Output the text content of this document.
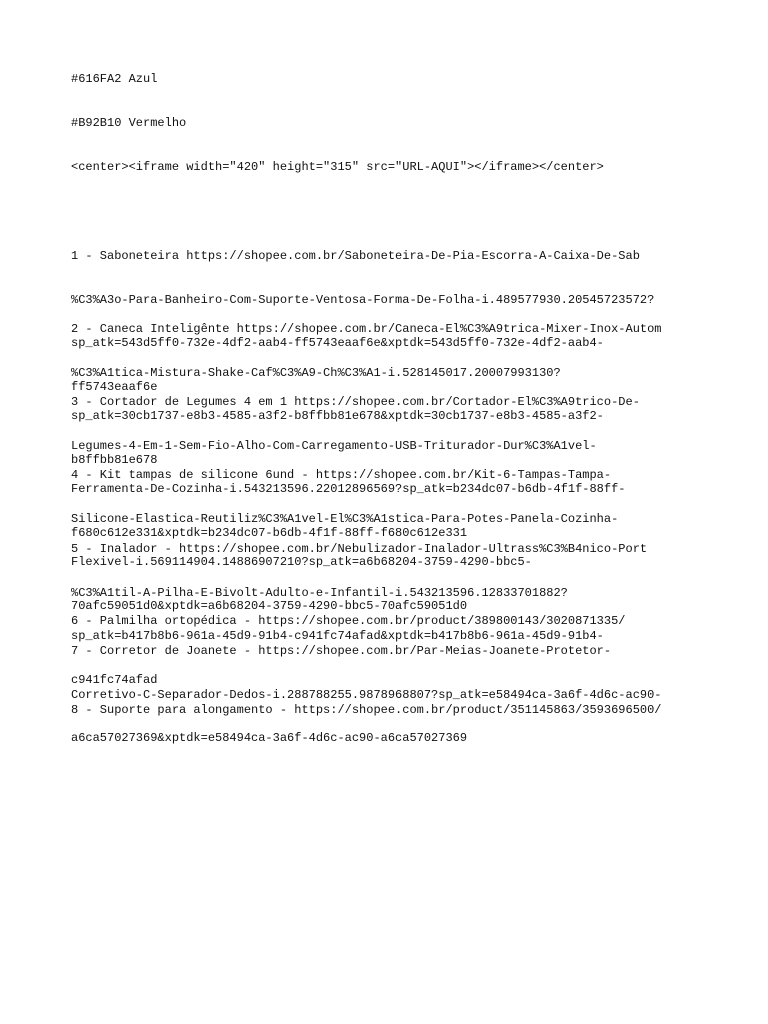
#616FA2 Azul
#B92B10 Vermelho
<center><iframe width="420" height="315" src="URL-AQUI"></iframe></center>

1 - Saboneteira https://shopee.com.br/Saboneteira-De-Pia-Escorra-A-Caixa-De-Sab

%C3%A3o-Para-Banheiro-Com-Suporte-Ventosa-Forma-De-Folha-i.489577930.20545723572?

sp_atk=543d5ff0-732e-4df2-aab4-ff5743eaaf6e&xptdk=543d5ff0-732e-4df2-aab4-

ff5743eaaf6e

2 - Caneca Inteligênte https://shopee.com.br/Caneca-El%C3%A9trica-Mixer-Inox-Autom

%C3%A1tica-Mistura-Shake-Caf%C3%A9-Ch%C3%A1-i.528145017.20007993130?

sp_atk=30cb1737-e8b3-4585-a3f2-b8ffbb81e678&xptdk=30cb1737-e8b3-4585-a3f2-

b8ffbb81e678

3 - Cortador de Legumes 4 em 1 https://shopee.com.br/Cortador-El%C3%A9trico-De-

Legumes-4-Em-1-Sem-Fio-Alho-Com-Carregamento-USB-Triturador-Dur%C3%A1vel-

Ferramenta-De-Cozinha-i.543213596.22012896569?sp_atk=b234dc07-b6db-4f1f-88ff-

f680c612e331&xptdk=b234dc07-b6db-4f1f-88ff-f680c612e331

4 - Kit tampas de silicone 6und - https://shopee.com.br/Kit-6-Tampas-Tampa-

Silicone-Elastica-Reutiliz%C3%A1vel-El%C3%A1stica-Para-Potes-Panela-Cozinha-

Flexivel-i.569114904.14886907210?sp_atk=a6b68204-3759-4290-bbc5-

70afc59051d0&xptdk=a6b68204-3759-4290-bbc5-70afc59051d0

5 - Inalador - https://shopee.com.br/Nebulizador-Inalador-Ultrass%C3%B4nico-Port

%C3%A1til-A-Pilha-E-Bivolt-Adulto-e-Infantil-i.543213596.12833701882?

sp_atk=b417b8b6-961a-45d9-91b4-c941fc74afad&xptdk=b417b8b6-961a-45d9-91b4-

c941fc74afad

6 - Palmilha ortopédica - https://shopee.com.br/product/389800143/3020871335/

7 - Corretor de Joanete - https://shopee.com.br/Par-Meias-Joanete-Protetor-

Corretivo-C-Separador-Dedos-i.288788255.9878968807?sp_atk=e58494ca-3a6f-4d6c-ac90-

a6ca57027369&xptdk=e58494ca-3a6f-4d6c-ac90-a6ca57027369

8 - Suporte para alongamento - https://shopee.com.br/product/351145863/3593696500/
